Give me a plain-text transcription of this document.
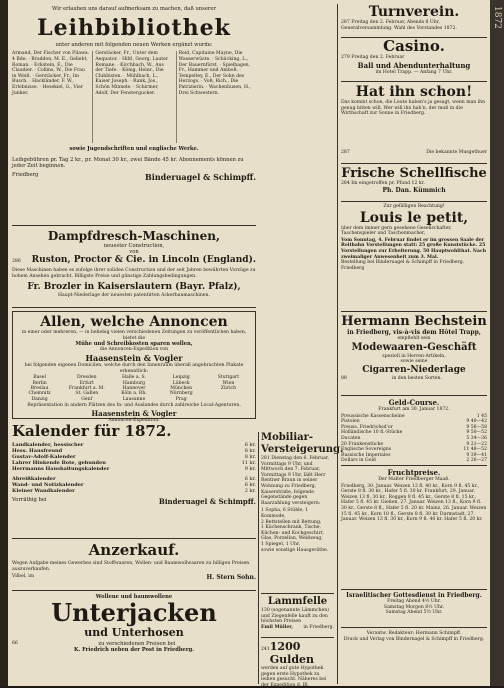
Wir erlauben uns darauf aufmerksam zu machen, daß unserer
Leihbibliothek
unter anderen mit folgenden neuen Werken ergänzt wurde:
Armand, Der Fischer von Pilawa. 4 Bde. · Braddon, M. E., Geliebt, Roman. · Eckstein, E., Die Claudier. · Collins, W., Die Frau in Weiß. · Gerstäcker, Fr., Im Busch. · Hackländer, F. W., Erlebnisse. · Hesekiel, G., Vier Junker.
Gerstäcker, Fr., Unter dem Aequator. · Hiltl, Georg, Lauter Romane. · Kirchbach, W., Aus der Tiefe. · König, Heinr., Die Clubbisten. · Mühlbach, L., Kaiser Joseph. · Rank, Jos., Schön Minnele. · Schirmer, Adolf, Der Fenstergucker.
Reid, Capitaine Mayne, Die Wasserwüste. · Schücking, L., Der Bauernfürst. · Spielhagen, Fr., Hammer und Amboß. · Tempeltey, E., Der Sohn des Herzogs. · Voß, Rich., Die Patrizierin. · Wachenhusen, H., Drei Schwestern.
sowie Jugendschriften und englische Werke.
Leihgebühren pr. Tag 2 kr., pr. Monat 30 kr., zwei Bände 45 kr. Abonnements können zu jeder Zeit beginnen.
Friedberg	Binderuagel & Schimpff.
Dampfdresch-Maschinen,
neuester Construction,
von
286 Ruston, Proctor & Cie. in Lincoln (England).
Diese Maschinen haben es zufolge ihrer soliden Construction und der seit Jahren bewährten Vorzüge zu hohem Ansehen gebracht. Billigste Preise und günstige Zahlungsbedingungen.
Fr. Brozler in Kaiserslautern (Bayr. Pfalz),
Haupt-Niederlage der neuesten patentirten Ackerbaumaschinen.
Allen, welche Annoncen
in einer oder mehreren, — in beliebig vielen verschiedenen Zeitungen zu veröffentlichen haben, bietet die
Mühe und Schreibkosten sparen wollen,
die Annoncen-Expedition von
Haasenstein & Vogler
bei folgenden eigenen Domicilen, welche durch den Innenraum überall angebrachten Plakate erkenntlich:
Basel	Dresden	Halle a. S.	Leipzig	Stuttgart
Berlin	Erfurt	Hamburg	Lübeck	Wien
Breslau	Frankfurt a. M.	Hannover	München	Zürich
Chemnitz	St. Gallen	Köln a. Rh.	Nürnberg
Danzig	Genf	Lausanne	Prag
Repräsentation in andern Plätzen des In- und Auslandes durch zahlreiche Local-Agenturen.
Haasenstein & Vogler
Annoncen-Expedition.
Kalender für 1872.
Landkalender, hessischer	6 kr.
Hess. Hausfreund	8 kr.
Gustav-Adolf-Kalender	8 kr.
Lahrer Hinkende Bote, gebunden	11 kr.
Herrmanns Haushaltungskalender	9 kr.
Abreißkalender	6 kr.
Wand- und Notizkalender	6 kr.
Kleiner Wandkalender	2 kr.
Vorräthig bei	Binderuagel & Schimpff.
Anzerkauf.
Wegen Aufgabe meines Gewerbes sind Stoffwaaren, Wollen- und Baumwollwaaren zu billigen Preisen auszuverkaufen.
Vilbel, im	H. Stern Sohn.
Wollene und baumwollene
Unterjacken
und Unterhosen
66	zu verschiedenen Preisen bei
K. Friedrich neben der Post in Friedberg.
Mobiliar-Versteigerung.
281 Dienstag den 6. Februar, Vormittags 9 Uhr, und Mittwoch den 7. Februar, Vormittags 9 Uhr, läßt Herr Rentner Braun in seiner Wohnung zu Friedberg, Kaiserstraße, folgende Gegenstände gegen Baarzahlung versteigern:
1 Sopha, 6 Stühle, 1 Kommode,
2 Bettstellen mit Bettung,
1 Küchenschrank, Tische,
Küchen- und Kochgeschirr,
Glas, Porzellan, Weißzeug,
1 Spiegel, 1 Uhr,
sowie sonstige Hausgeräthe.
Lammfelle
130 (sogenannte Lämmchen) und Ziegenfelle kauft zu den höchsten Preisen
Emil Müller, in Friedberg.
241 1200 Gulden
werden auf gute Hypothek gegen erste Hypothek zu leihen gesucht. Näheres bei der Expedition d. Bl.
Turnverein.
287 Freitag den 2. Februar, Abends 8 Uhr, Generalversammlung. Wahl des Vorstandes 1872.
Casino.
279 Freitag den 2. Februar
Ball und Abendunterhaltung
im Hotel Trapp. — Anfang 7 Uhr.
Hat ihn schon!
Das kommt schon, die Leute haben's ja gesagt, wenn man ihn genug bitten will. Wer will ihn hab'n, der muß in die Wirthschaft zur Sonne in Friedberg.
287	Die bekannte Musgethuer
Frische Schellfische
284 Im eingetroffen pr. Pfund 12 kr.
Ph. Dan. Kümmich
Zur gefälligen Beachtung!
Louis le petit,
über dem immer gern gesehene Gesellschafter, Taschenspieler und Taschenmacher,
Vom Sonntag, 4. Februar findet er im grossen Saale der Reitbahn Vorstellungen statt: 25 große Kunststücke. 25 Vorstellungen zur Erheiterung. 50 Hauptwohlthat. Nach zweimaliger Anwesenheit zum 3. Mal.
Bestellung bei Binderuagel & Schimpff in Friedberg.
Friedberg
Hermann Bechstein
in Friedberg, vis-à-vis dem Hôtel Trapp,
empfiehlt sein
Modewaaren-Geschäft
speziell in Herren-Artikeln,
sowie seine
Cigarren-Niederlage
88	in den besten Sorten.
Geld-Course.
Frankfurt am 30. Januar 1872.
Preussische Kassenscheine	1 45
Pistolen	9 40—42
Preuss. Friedrichsd'or	9 56—58
Holländische 10 fl.-Stücke	9 50—52
Ducaten	5 34—36
20 Frankenstücke	9 21—22
Englische Sovereigns	11 48—52
Russische Imperiales	9 39—41
Dollars in Gold	2 26—27
Fruchtpreise.
Der Malter Friedberger Maaß.
Friedberg, 30. Januar. Weizen 13 fl. 40 kr., Korn 9 fl. 45 kr., Gerste 8 fl. 30 kr., Hafer 5 fl. 30 kr. Frankfurt, 29. Januar. Weizen 13 fl. 30 kr., Roggen 9 fl. 45 kr., Gerste 8 fl. 15 kr., Hafer 5 fl. 45 kr. Gießen, 27. Januar. Weizen 13 fl., Korn 9 fl. 30 kr., Gerste 8 fl., Hafer 5 fl. 20 kr. Mainz, 26. Januar. Weizen 15 fl. 45 kr., Korn 10 fl., Gerste 8 fl. 30 kr. Darmstadt, 27. Januar. Weizen 13 fl. 30 kr., Korn 9 fl. 40 kr. Hafer 5 fl. 20 kr.
Israelitischer Gottesdienst in Friedberg.
Freitag Abend 4½ Uhr.
Samstag Morgen 8½ Uhr.
Samstag Abend 5½ Uhr.
Verantw. Redakteur: Hermann Schimpff.
Druck und Verlag von Bindernagel & Schimpff in Friedberg.
1872
